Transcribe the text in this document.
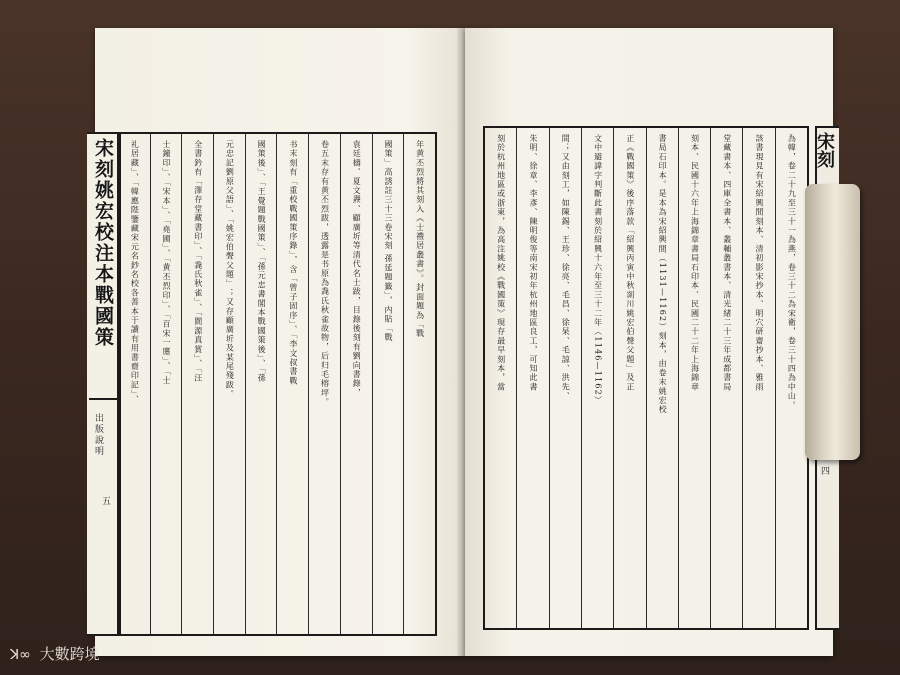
宋刻姚宏校注本戰國策
出版說明
五
年黄丕烈將其刻入《士禮居叢書》。封面題為「戰
國策」高誘註三十三卷宋刻 孫延題籤」，内貼「戰
袁廷檮、夏文燾、顧廣圻等清代名士跋，目錄後刻有劉向書錄，
卷五末存有黄丕烈跋，透露是书原為毳氏秋雀故物，后归毛榕坪。
书末刻有「重校戰國策序錄」，含「曾子固序」、「李文叔書戰
國策後」、「王覺題戰國策」、「孫元忠書閣本戰國策後」、「孫
元忠記劉原父語」、「姚宏伯聲父題」；又存顧廣圻及某尾殘跋。
全書鈐有「澤存堂藏書印」、「毳氏秋雀」、「閬源真賞」、「汪
士鐘印」、「宋本」、「堯圃」、「黄丕烈印」、「百宋一廛」、「士
礼居藏」、「韓應陛鑒藏宋元名鈔名校各善本于讀有用書齋印記」、	為韓，卷二十九至三十一為燕，卷三十二為宋衛，卷三十四為中山。
該書現見有宋紹興間刻本、清初影宋抄本、明穴研齋抄本、雅雨
堂藏書本、四庫全書本、叢輔叢書本、清光緒二十三年成都書局
刻本、民國十六年上海錦章書局石印本、民國二十二年上海錦章
書局石印本。是本為宋紹興間（1131—1162）刻本，由卷末姚宏校
正《戰國策》後序落款「紹興丙寅中秋剡川姚宏伯聲父題」及正
文中避諱字判斷此書刻於紹興十六年至三十二年（1146—1162）
間；又由刻工，如陳錫、王珍、徐亮、毛昌、徐杲、毛諒、洪先、
朱明、徐章、李彥、陳明俊等南宋初年杭州地區良工，可知此書
刻於杭州地區或浙東，為高注姚校《戰國策》現存最早刻本，當	宋刻
四
ꓘ∞ 大數跨境
